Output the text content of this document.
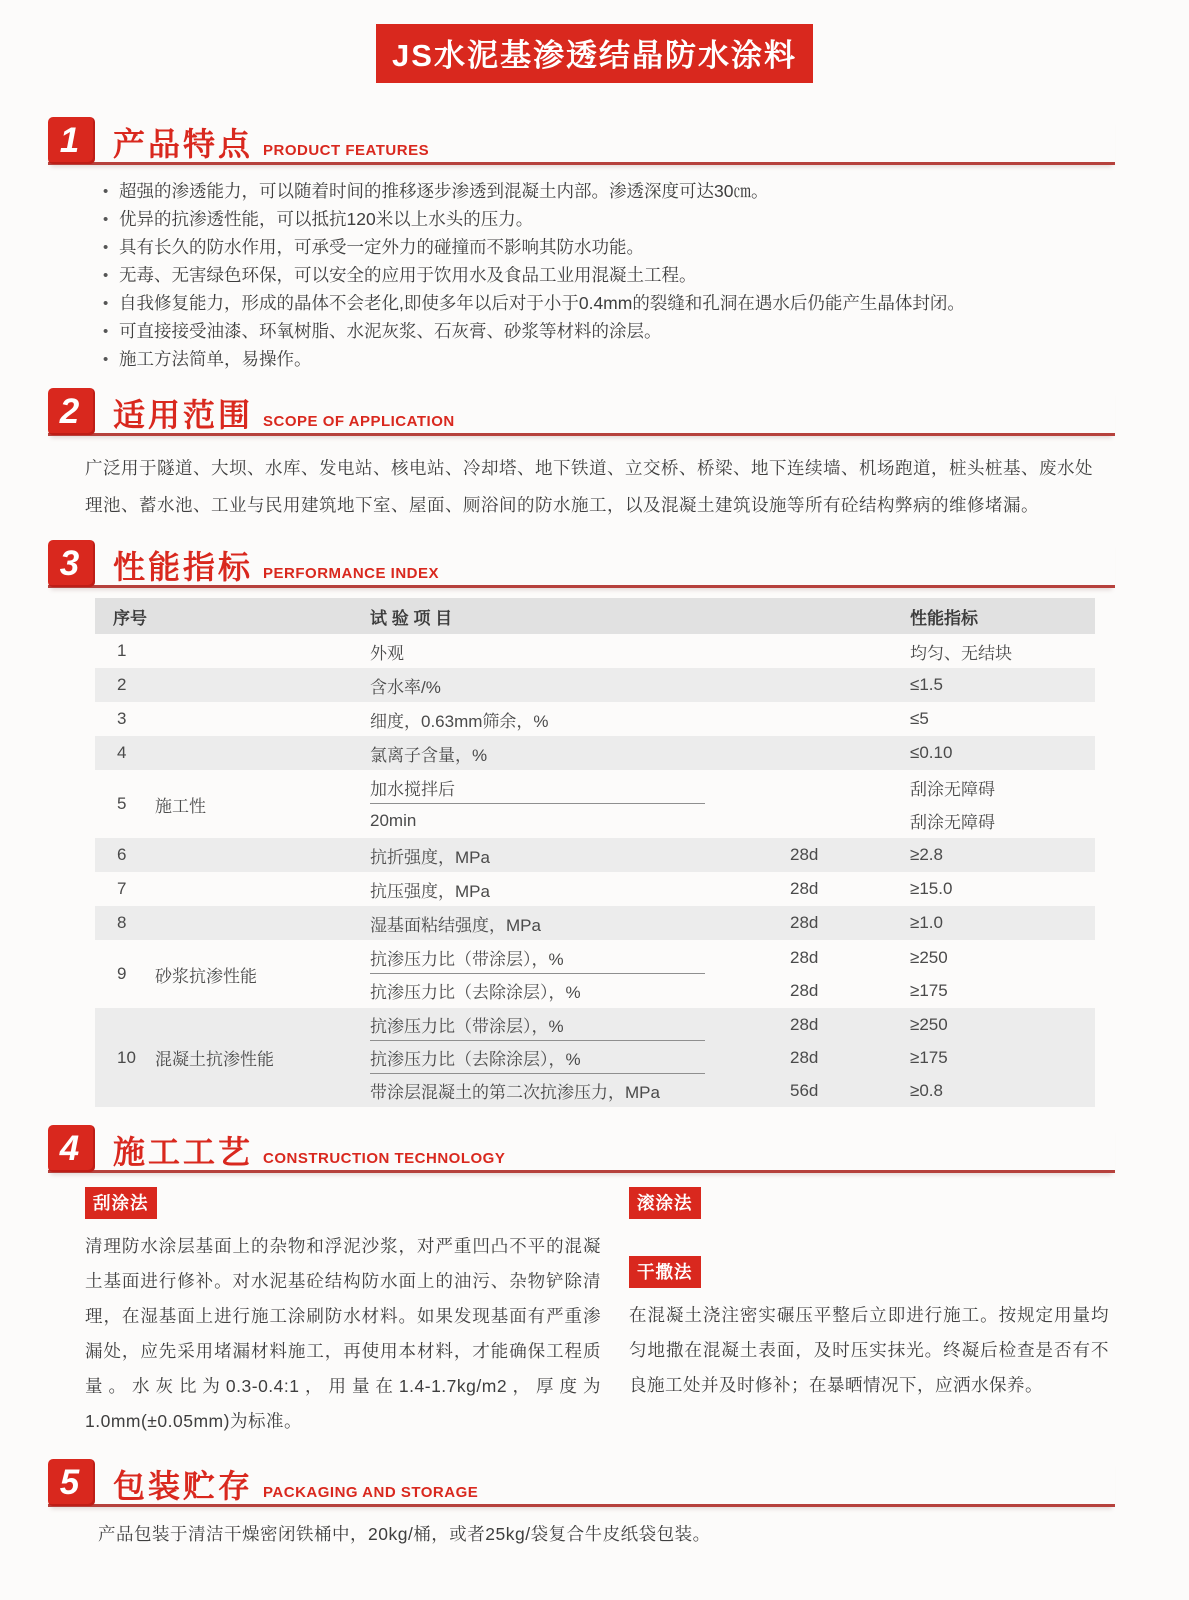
JS水泥基渗透结晶防水涂料
1	产品特点 PRODUCT FEATURES
• 超强的渗透能力，可以随着时间的推移逐步渗透到混凝土内部。渗透深度可达30㎝。
• 优异的抗渗透性能，可以抵抗120米以上水头的压力。
• 具有长久的防水作用，可承受一定外力的碰撞而不影响其防水功能。
• 无毒、无害绿色环保，可以安全的应用于饮用水及食品工业用混凝土工程。
• 自我修复能力，形成的晶体不会老化,即使多年以后对于小于0.4mm的裂缝和孔洞在遇水后仍能产生晶体封闭。
• 可直接接受油漆、环氧树脂、水泥灰浆、石灰膏、砂浆等材料的涂层。
• 施工方法简单，易操作。
2	适用范围 SCOPE OF APPLICATION

广泛用于隧道、大坝、水库、发电站、核电站、冷却塔、地下铁道、立交桥、桥梁、地下连续墙、机场跑道，桩头桩基、废水处理池、蓄水池、工业与民用建筑地下室、屋面、厕浴间的防水施工，以及混凝土建筑设施等所有砼结构弊病的维修堵漏。

3	性能指标 PERFORMANCE INDEX
序号	试 验 项 目	性能指标
1	外观	均匀、无结块
2	含水率/%	≤1.5
3	细度，0.63mm筛余，%	≤5
4	氯离子含量，%	≤0.10
5	施工性
加水搅拌后	刮涂无障碍
20min	刮涂无障碍
6	抗折强度，MPa	28d	≥2.8
7	抗压强度，MPa	28d	≥15.0
8	湿基面粘结强度，MPa	28d	≥1.0
9	砂浆抗渗性能
抗渗压力比（带涂层），%	28d	≥250
抗渗压力比（去除涂层），%	28d	≥175
10	混凝土抗渗性能
抗渗压力比（带涂层），%	28d	≥250
抗渗压力比（去除涂层），%	28d	≥175
带涂层混凝土的第二次抗渗压力，MPa	56d	≥0.8
4	施工工艺 CONSTRUCTION TECHNOLOGY
刮涂法

清理防水涂层基面上的杂物和浮泥沙浆，对严重凹凸不平的混凝土基面进行修补。对水泥基砼结构防水面上的油污、杂物铲除清理，在湿基面上进行施工涂刷防水材料。如果发现基面有严重渗漏处，应先采用堵漏材料施工，再使用本材料，才能确保工程质量。水灰比为0.3-0.4:1，用量在1.4-1.7kg/m2，厚度为1.0mm(±0.05mm)为标准。

滚涂法
干撒法

在混凝土浇注密实碾压平整后立即进行施工。按规定用量均匀地撒在混凝土表面，及时压实抹光。终凝后检查是否有不良施工处并及时修补；在暴晒情况下，应洒水保养。

5	包装贮存 PACKAGING AND STORAGE

产品包装于清洁干燥密闭铁桶中，20kg/桶，或者25kg/袋复合牛皮纸袋包装。
